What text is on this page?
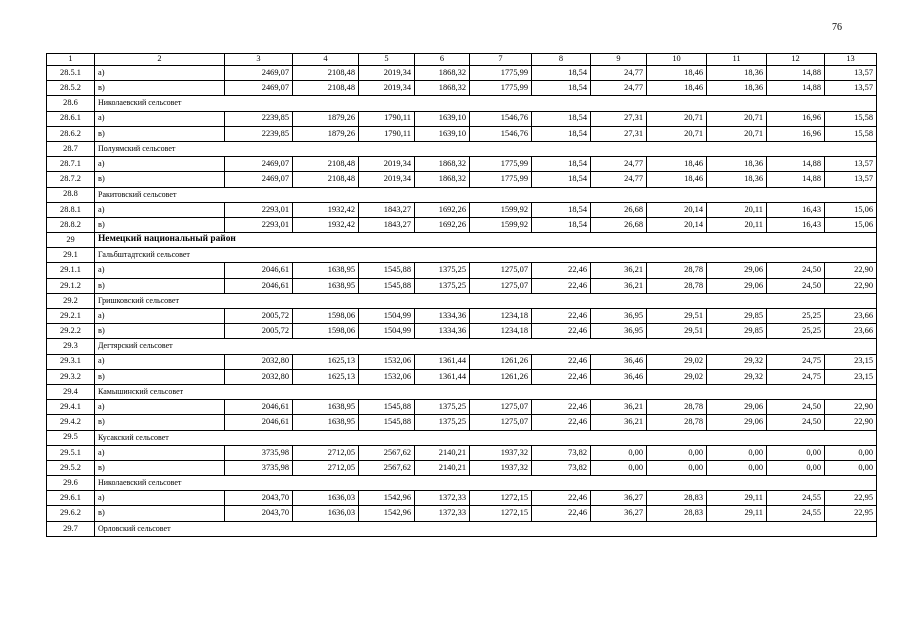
76
1	2	3	4	5	6	7	8	9	10	11	12	13
28.5.1	а)	2469,07	2108,48	2019,34	1868,32	1775,99	18,54	24,77	18,46	18,36	14,88	13,57
28.5.2	в)	2469,07	2108,48	2019,34	1868,32	1775,99	18,54	24,77	18,46	18,36	14,88	13,57
28.6	Николаевский сельсовет											
28.6.1	а)	2239,85	1879,26	1790,11	1639,10	1546,76	18,54	27,31	20,71	20,71	16,96	15,58
28.6.2	в)	2239,85	1879,26	1790,11	1639,10	1546,76	18,54	27,31	20,71	20,71	16,96	15,58
28.7	Полуямский сельсовет											
28.7.1	а)	2469,07	2108,48	2019,34	1868,32	1775,99	18,54	24,77	18,46	18,36	14,88	13,57
28.7.2	в)	2469,07	2108,48	2019,34	1868,32	1775,99	18,54	24,77	18,46	18,36	14,88	13,57
28.8	Ракитовский сельсовет											
28.8.1	а)	2293,01	1932,42	1843,27	1692,26	1599,92	18,54	26,68	20,14	20,11	16,43	15,06
28.8.2	в)	2293,01	1932,42	1843,27	1692,26	1599,92	18,54	26,68	20,14	20,11	16,43	15,06
29	Немецкий национальный район											
29.1	Гальбштадтский сельсовет											
29.1.1	а)	2046,61	1638,95	1545,88	1375,25	1275,07	22,46	36,21	28,78	29,06	24,50	22,90
29.1.2	в)	2046,61	1638,95	1545,88	1375,25	1275,07	22,46	36,21	28,78	29,06	24,50	22,90
29.2	Гришковский сельсовет											
29.2.1	а)	2005,72	1598,06	1504,99	1334,36	1234,18	22,46	36,95	29,51	29,85	25,25	23,66
29.2.2	в)	2005,72	1598,06	1504,99	1334,36	1234,18	22,46	36,95	29,51	29,85	25,25	23,66
29.3	Дегтярский сельсовет											
29.3.1	а)	2032,80	1625,13	1532,06	1361,44	1261,26	22,46	36,46	29,02	29,32	24,75	23,15
29.3.2	в)	2032,80	1625,13	1532,06	1361,44	1261,26	22,46	36,46	29,02	29,32	24,75	23,15
29.4	Камышинский сельсовет											
29.4.1	а)	2046,61	1638,95	1545,88	1375,25	1275,07	22,46	36,21	28,78	29,06	24,50	22,90
29.4.2	в)	2046,61	1638,95	1545,88	1375,25	1275,07	22,46	36,21	28,78	29,06	24,50	22,90
29.5	Кусакский сельсовет											
29.5.1	а)	3735,98	2712,05	2567,62	2140,21	1937,32	73,82	0,00	0,00	0,00	0,00	0,00
29.5.2	в)	3735,98	2712,05	2567,62	2140,21	1937,32	73,82	0,00	0,00	0,00	0,00	0,00
29.6	Николаевский сельсовет											
29.6.1	а)	2043,70	1636,03	1542,96	1372,33	1272,15	22,46	36,27	28,83	29,11	24,55	22,95
29.6.2	в)	2043,70	1636,03	1542,96	1372,33	1272,15	22,46	36,27	28,83	29,11	24,55	22,95
29.7	Орловский сельсовет											
